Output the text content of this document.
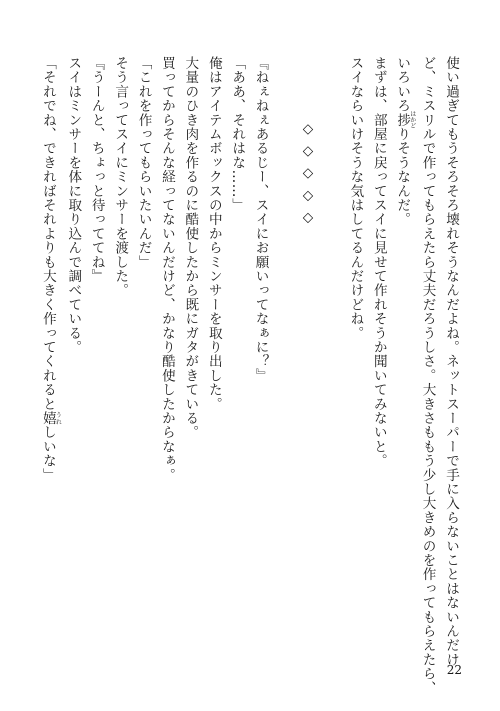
使い過ぎてもうそろそろ壊れそうなんだよね。ネットスーパーで手に入らないことはないんだけ
ど、ミスリルで作ってもらえたら丈夫だろうしさ。大きさももう少し大きめのを作ってもらえたら、
いろいろ捗はかどりそうなんだ。
まずは、部屋に戻ってスイに見せて作れそうか聞いてみないと。
スイならいけそうな気はしてるんだけどね。
◇◇◇◇◇
『ねぇねぇあるじー、スイにお願いってなぁに？』
「ああ、それはな……」
俺はアイテムボックスの中からミンサーを取り出した。
大量のひき肉を作るのに酷使したから既にガタがきている。
買ってからそんな経ってないんだけど、かなり酷使したからなぁ。
「これを作ってもらいたいんだ」
そう言ってスイにミンサーを渡した。
『うーんと、ちょっと待っててね』
スイはミンサーを体に取り込んで調べている。
「それでね、できればそれよりも大きく作ってくれると嬉うれしいな」
22
